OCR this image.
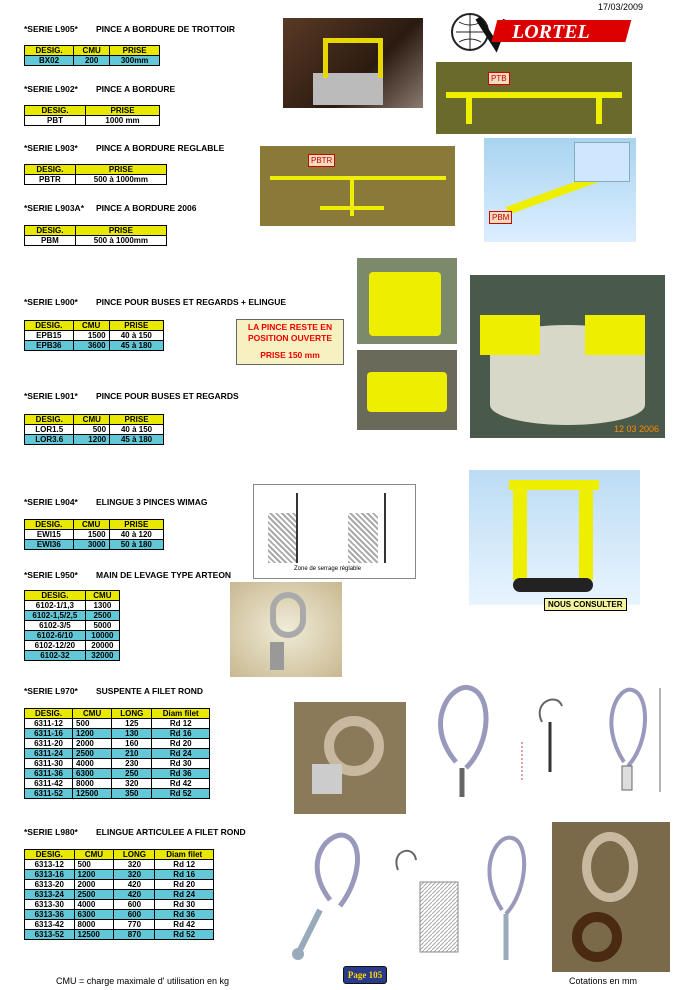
17/03/2009
LORTEL
*SERIE L905* PINCE A BORDURE DE TROTTOIR
DESIG.	CMU	PRISE
BX02	200	300mm
*SERIE L902* PINCE A BORDURE
DESIG.	PRISE
PBT	1000 mm
PTB
*SERIE L903* PINCE A BORDURE REGLABLE
DESIG.	PRISE
PBTR	500 à 1000mm
PBTR
PBM
*SERIE L903A* PINCE A BORDURE 2006
DESIG.	PRISE
PBM	500 à 1000mm
*SERIE L900* PINCE POUR BUSES ET REGARDS + ELINGUE
DESIG.	CMU	PRISE
EPB15	1500	40 à 150
EPB36	3600	45 à 180
LA PINCE RESTE EN
POSITION OUVERTE
PRISE 150 mm
12 03 2006
*SERIE L901* PINCE POUR BUSES ET REGARDS
DESIG.	CMU	PRISE
LOR1.5	500	40 à 150
LOR3.6	1200	45 à 180
*SERIE L904* ELINGUE 3 PINCES WIMAG
DESIG.	CMU	PRISE
EWI15	1500	40 à 120
EWI36	3000	50 à 180
Zone de serrage réglable
NOUS CONSULTER
*SERIE L950* MAIN DE LEVAGE TYPE ARTEON
DESIG.	CMU
6102-1/1,3	1300
6102-1,5/2,5	2500
6102-3/5	5000
6102-6/10	10000
6102-12/20	20000
6102-32	32000
*SERIE L970* SUSPENTE A FILET ROND
DESIG.	CMU	LONG	Diam filet
6311-12	500	125	Rd 12
6311-16	1200	130	Rd 16
6311-20	2000	160	Rd 20
6311-24	2500	210	Rd 24
6311-30	4000	230	Rd 30
6311-36	6300	250	Rd 36
6311-42	8000	320	Rd 42
6311-52	12500	350	Rd 52
*SERIE L980* ELINGUE ARTICULEE A FILET ROND
DESIG.	CMU	LONG	Diam filet
6313-12	500	320	Rd 12
6313-16	1200	320	Rd 16
6313-20	2000	420	Rd 20
6313-24	2500	420	Rd 24
6313-30	4000	600	Rd 30
6313-36	6300	600	Rd 36
6313-42	8000	770	Rd 42
6313-52	12500	870	Rd 52
CMU = charge maximale d' utilisation en kg
Page 105
Cotations en mm
